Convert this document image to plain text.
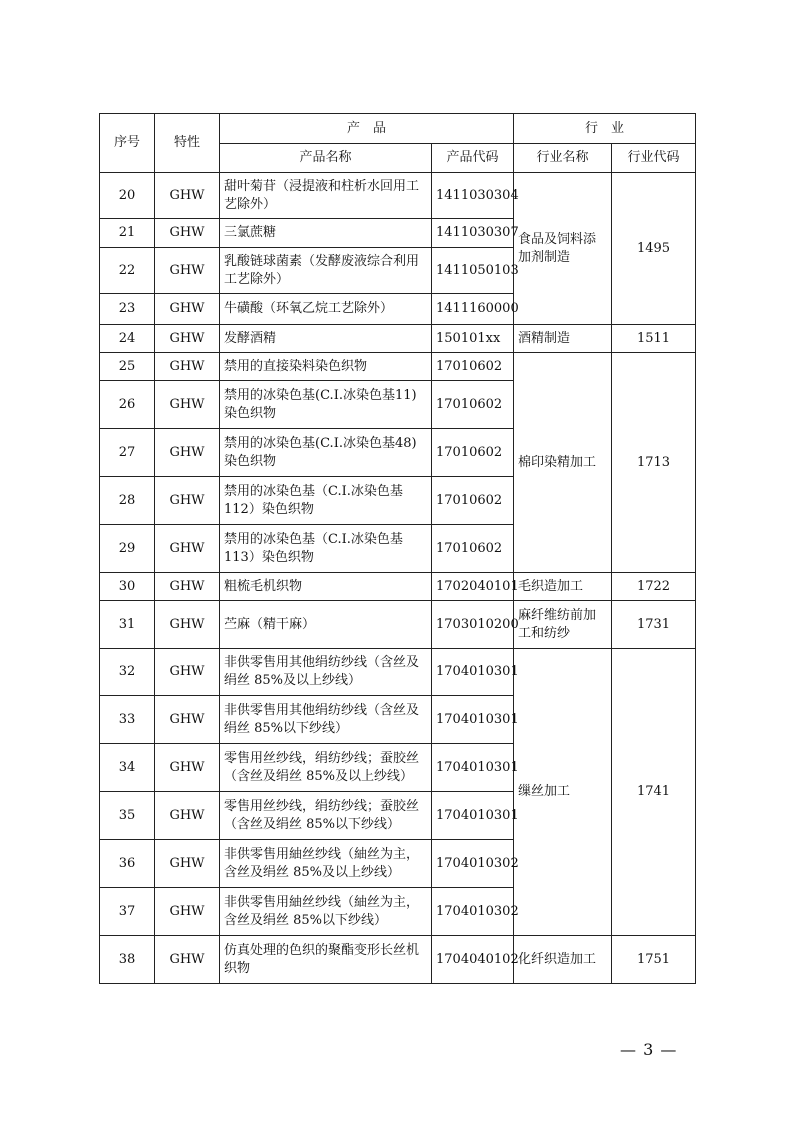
序号	特性	产　品		行　业	
		产品名称	产品代码	行业名称	行业代码
20	GHW	甜叶菊苷（浸提液和柱析水回用工艺除外）	1411030304	食品及饲料添加剂制造	1495
21	GHW	三氯蔗糖	1411030307		
22	GHW	乳酸链球菌素（发酵废液综合利用工艺除外）	1411050103		
23	GHW	牛磺酸（环氧乙烷工艺除外）	1411160000		
24	GHW	发酵酒精	150101xx	酒精制造	1511
25	GHW	禁用的直接染料染色织物	17010602	棉印染精加工	1713
26	GHW	禁用的冰染色基(C.I.冰染色基11)染色织物	17010602		
27	GHW	禁用的冰染色基(C.I.冰染色基48)染色织物	17010602		
28	GHW	禁用的冰染色基（C.I.冰染色基112）染色织物	17010602		
29	GHW	禁用的冰染色基（C.I.冰染色基113）染色织物	17010602		
30	GHW	粗梳毛机织物	1702040101	毛织造加工	1722
31	GHW	苎麻（精干麻）	1703010200	麻纤维纺前加工和纺纱	1731
32	GHW	非供零售用其他绢纺纱线（含丝及绢丝 85%及以上纱线）	1704010301	缫丝加工	1741
33	GHW	非供零售用其他绢纺纱线（含丝及绢丝 85%以下纱线）	1704010301		
34	GHW	零售用丝纱线，绢纺纱线；蚕胶丝（含丝及绢丝 85%及以上纱线）	1704010301		
35	GHW	零售用丝纱线，绢纺纱线；蚕胶丝（含丝及绢丝 85%以下纱线）	1704010301		
36	GHW	非供零售用紬丝纱线（紬丝为主，含丝及绢丝 85%及以上纱线）	1704010302		
37	GHW	非供零售用紬丝纱线（紬丝为主，含丝及绢丝 85%以下纱线）	1704010302		
38	GHW	仿真处理的色织的聚酯变形长丝机织物	1704040102	化纤织造加工	1751
— 3 —
